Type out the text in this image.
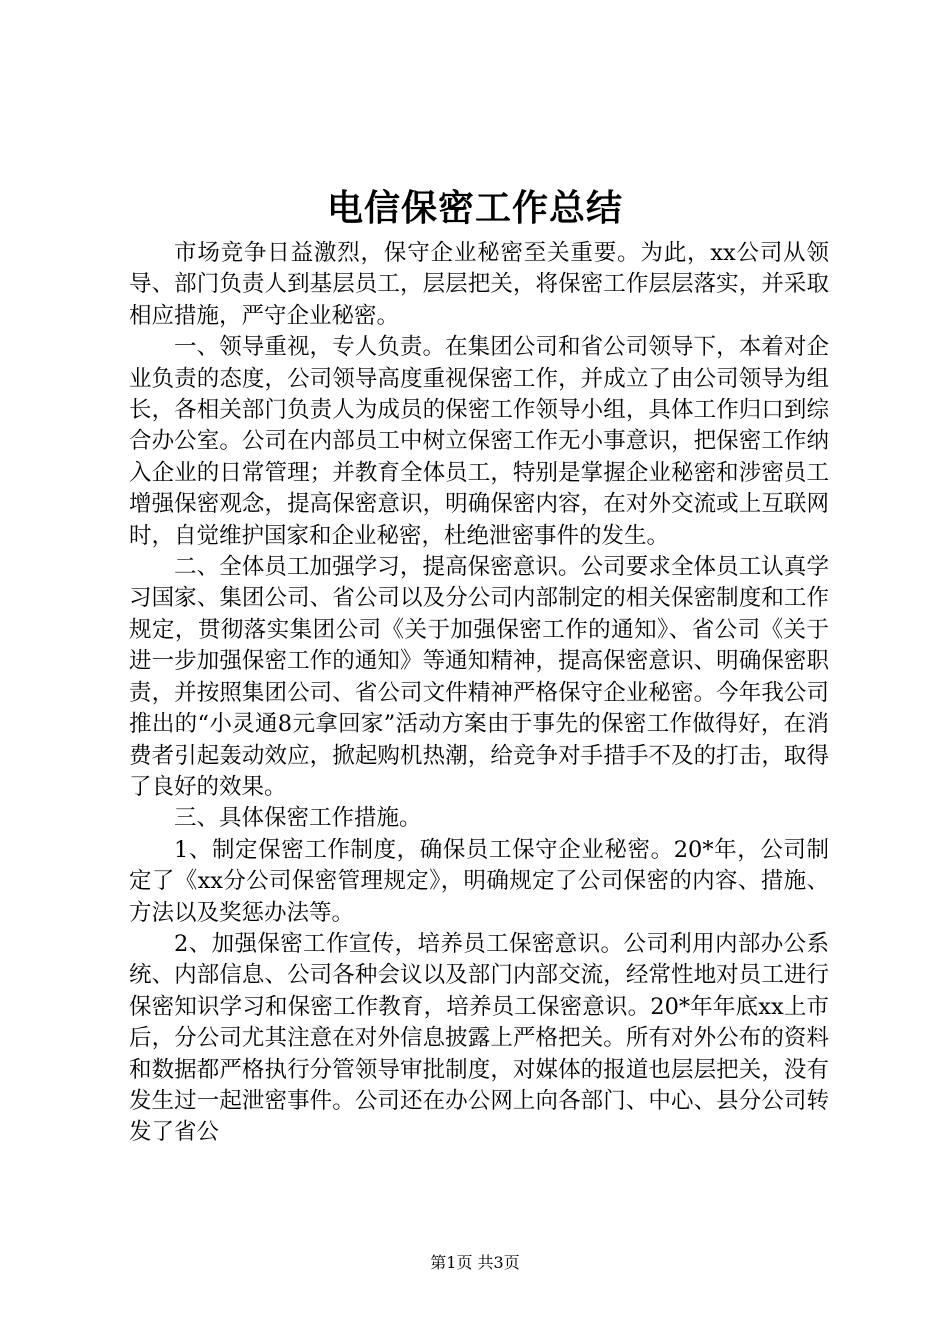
电信保密工作总结

市场竞争日益激烈，保守企业秘密至关重要。为此，xx公司从领导、部门负责人到基层员工，层层把关，将保密工作层层落实，并采取相应措施，严守企业秘密。

一、领导重视，专人负责。在集团公司和省公司领导下，本着对企业负责的态度，公司领导高度重视保密工作，并成立了由公司领导为组长，各相关部门负责人为成员的保密工作领导小组，具体工作归口到综合办公室。公司在内部员工中树立保密工作无小事意识，把保密工作纳入企业的日常管理；并教育全体员工，特别是掌握企业秘密和涉密员工增强保密观念，提高保密意识，明确保密内容，在对外交流或上互联网时，自觉维护国家和企业秘密，杜绝泄密事件的发生。

二、全体员工加强学习，提高保密意识。公司要求全体员工认真学习国家、集团公司、省公司以及分公司内部制定的相关保密制度和工作规定，贯彻落实集团公司《关于加强保密工作的通知》、省公司《关于进一步加强保密工作的通知》等通知精神，提高保密意识、明确保密职责，并按照集团公司、省公司文件精神严格保守企业秘密。今年我公司推出的“小灵通8元拿回家”活动方案由于事先的保密工作做得好，在消费者引起轰动效应，掀起购机热潮，给竞争对手措手不及的打击，取得了良好的效果。

三、具体保密工作措施。

1、制定保密工作制度，确保员工保守企业秘密。20*年，公司制定了《xx分公司保密管理规定》，明确规定了公司保密的内容、措施、方法以及奖惩办法等。

2、加强保密工作宣传，培养员工保密意识。公司利用内部办公系统、内部信息、公司各种会议以及部门内部交流，经常性地对员工进行保密知识学习和保密工作教育，培养员工保密意识。20*年年底xx上市后，分公司尤其注意在对外信息披露上严格把关。所有对外公布的资料和数据都严格执行分管领导审批制度，对媒体的报道也层层把关，没有发生过一起泄密事件。公司还在办公网上向各部门、中心、县分公司转发了省公

第1页 共3页
